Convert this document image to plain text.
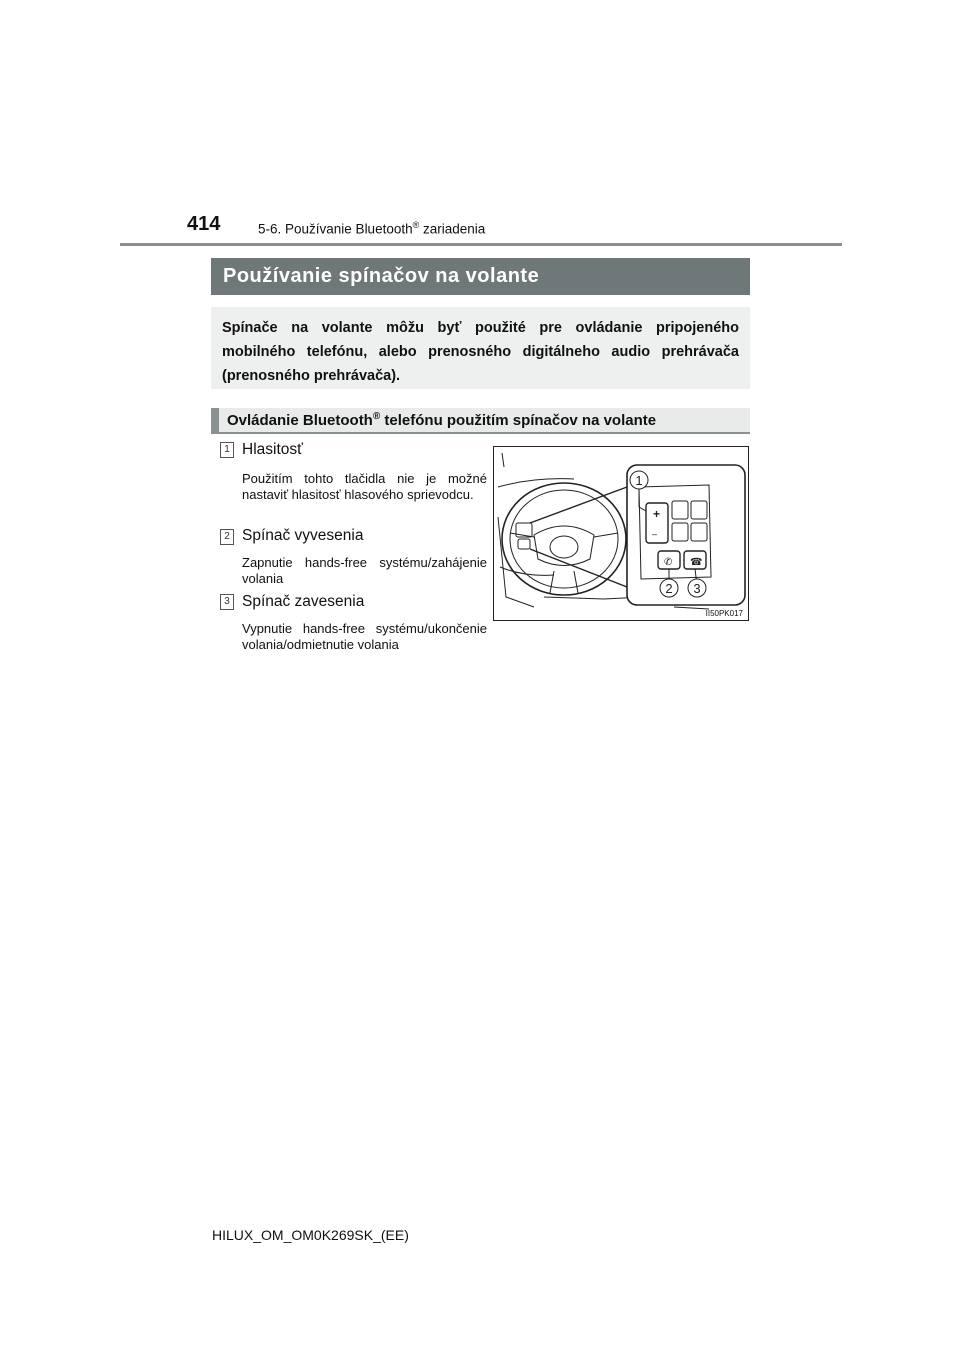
414	5-6. Používanie Bluetooth® zariadenia
Používanie spínačov na volante
Spínače na volante môžu byť použité pre ovládanie pripojeného mobilného telefónu, alebo prenosného digitálneho audio prehrávača (prenosného prehrávača).
Ovládanie Bluetooth® telefónu použitím spínačov na volante
1 Hlasitosť
Použitím tohto tlačidla nie je možné nastaviť hlasitosť hlasového sprievodcu.
2 Spínač vyvesenia
Zapnutie hands-free systému/zahájenie volania
3 Spínač zavesenia
Vypnutie hands-free systému/ukončenie volania/odmietnutie volania
+
–
✆ ☎
1
2 3
II50PK017
HILUX_OM_OM0K269SK_(EE)
